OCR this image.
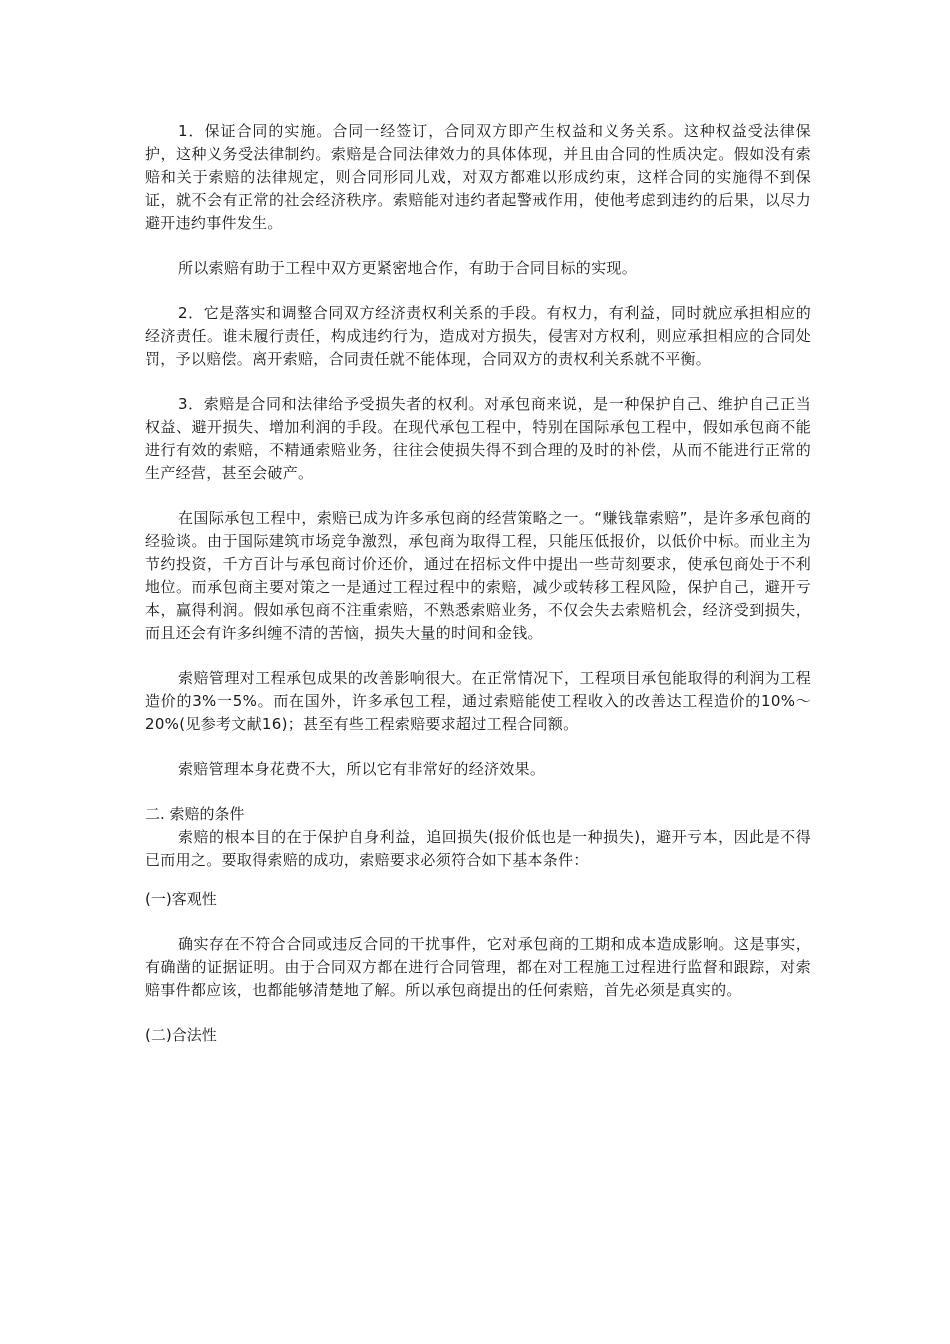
1．保证合同的实施。合同一经签订，合同双方即产生权益和义务关系。这种权益受法律保护，这种义务受法律制约。索赔是合同法律效力的具体体现，并且由合同的性质决定。假如没有索赔和关于索赔的法律规定，则合同形同儿戏，对双方都难以形成约束，这样合同的实施得不到保证，就不会有正常的社会经济秩序。索赔能对违约者起警戒作用，使他考虑到违约的后果，以尽力避开违约事件发生。

所以索赔有助于工程中双方更紧密地合作，有助于合同目标的实现。

2．它是落实和调整合同双方经济责权利关系的手段。有权力，有利益，同时就应承担相应的经济责任。谁未履行责任，构成违约行为，造成对方损失，侵害对方权利，则应承担相应的合同处罚，予以赔偿。离开索赔，合同责任就不能体现，合同双方的责权利关系就不平衡。

3．索赔是合同和法律给予受损失者的权利。对承包商来说，是一种保护自己、维护自己正当权益、避开损失、增加利润的手段。在现代承包工程中，特别在国际承包工程中，假如承包商不能进行有效的索赔，不精通索赔业务，往往会使损失得不到合理的及时的补偿，从而不能进行正常的生产经营，甚至会破产。

在国际承包工程中，索赔已成为许多承包商的经营策略之一。“赚钱靠索赔”，是许多承包商的经验谈。由于国际建筑市场竞争激烈，承包商为取得工程，只能压低报价，以低价中标。而业主为节约投资，千方百计与承包商讨价还价，通过在招标文件中提出一些苛刻要求，使承包商处于不利地位。而承包商主要对策之一是通过工程过程中的索赔，减少或转移工程风险，保护自己，避开亏本，赢得利润。假如承包商不注重索赔，不熟悉索赔业务，不仅会失去索赔机会，经济受到损失，而且还会有许多纠缠不清的苦恼，损失大量的时间和金钱。

索赔管理对工程承包成果的改善影响很大。在正常情况下，工程项目承包能取得的利润为工程造价的3%一5%。而在国外，许多承包工程，通过索赔能使工程收入的改善达工程造价的10%～20%(见参考文献16)；甚至有些工程索赔要求超过工程合同额。

索赔管理本身花费不大，所以它有非常好的经济效果。

二. 索赔的条件

索赔的根本目的在于保护自身利益，追回损失(报价低也是一种损失)，避开亏本，因此是不得已而用之。要取得索赔的成功，索赔要求必须符合如下基本条件：

(一)客观性

确实存在不符合合同或违反合同的干扰事件，它对承包商的工期和成本造成影响。这是事实，有确凿的证据证明。由于合同双方都在进行合同管理，都在对工程施工过程进行监督和跟踪，对索赔事件都应该，也都能够清楚地了解。所以承包商提出的任何索赔，首先必须是真实的。

(二)合法性
